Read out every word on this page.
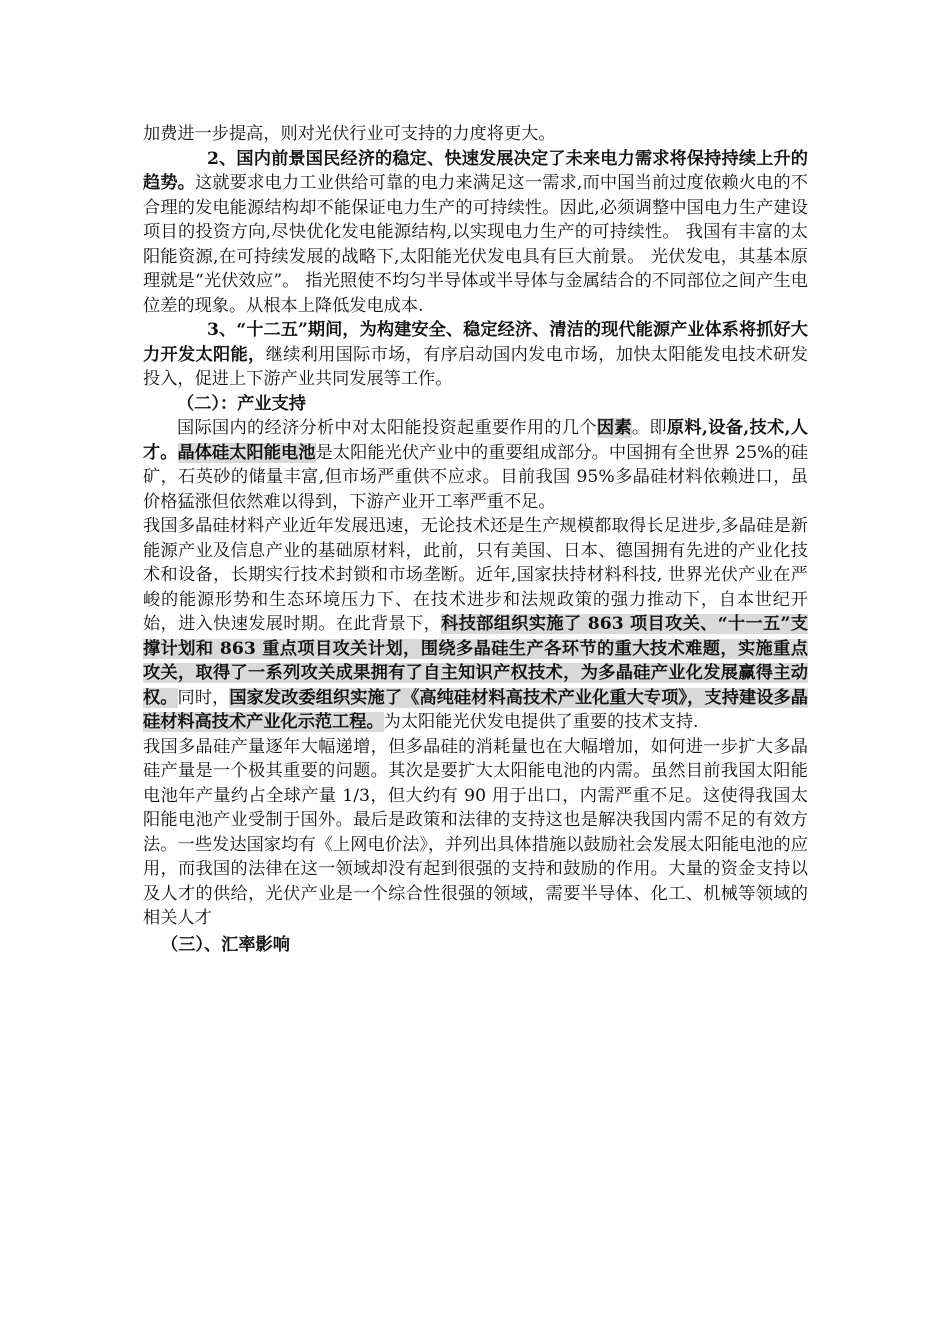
加费进一步提高，则对光伏行业可支持的力度将更大。

2、国内前景国民经济的稳定、快速发展决定了未来电力需求将保持持续上升的趋势。这就要求电力工业供给可靠的电力来满足这一需求,而中国当前过度依赖火电的不合理的发电能源结构却不能保证电力生产的可持续性。因此,必须调整中国电力生产建设项目的投资方向,尽快优化发电能源结构,以实现电力生产的可持续性。 我国有丰富的太阳能资源,在可持续发展的战略下,太阳能光伏发电具有巨大前景。 光伏发电，其基本原理就是“光伏效应”。 指光照使不均匀半导体或半导体与金属结合的不同部位之间产生电位差的现象。从根本上降低发电成本.

3、“十二五”期间，为构建安全、稳定经济、清洁的现代能源产业体系将抓好大力开发太阳能，继续利用国际市场，有序启动国内发电市场，加快太阳能发电技术研发投入，促进上下游产业共同发展等工作。

（二）：产业支持

国际国内的经济分析中对太阳能投资起重要作用的几个因素。即原料,设备,技术,人才。晶体硅太阳能电池是太阳能光伏产业中的重要组成部分。中国拥有全世界 25%的硅矿，石英砂的储量丰富,但市场严重供不应求。目前我国 95%多晶硅材料依赖进口，虽价格猛涨但依然难以得到，下游产业开工率严重不足。

我国多晶硅材料产业近年发展迅速，无论技术还是生产规模都取得长足进步,多晶硅是新能源产业及信息产业的基础原材料，此前，只有美国、日本、德国拥有先进的产业化技术和设备，长期实行技术封锁和市场垄断。近年,国家扶持材料科技, 世界光伏产业在严峻的能源形势和生态环境压力下、在技术进步和法规政策的强力推动下，自本世纪开始，进入快速发展时期。在此背景下，科技部组织实施了 863 项目攻关、“十一五”支撑计划和 863 重点项目攻关计划，围绕多晶硅生产各环节的重大技术难题，实施重点攻关，取得了一系列攻关成果拥有了自主知识产权技术，为多晶硅产业化发展赢得主动权。同时，国家发改委组织实施了《高纯硅材料高技术产业化重大专项》，支持建设多晶硅材料高技术产业化示范工程。为太阳能光伏发电提供了重要的技术支持.

我国多晶硅产量逐年大幅递增，但多晶硅的消耗量也在大幅增加，如何进一步扩大多晶硅产量是一个极其重要的问题。其次是要扩大太阳能电池的内需。虽然目前我国太阳能电池年产量约占全球产量 1/3，但大约有 90 用于出口，内需严重不足。这使得我国太阳能电池产业受制于国外。最后是政策和法律的支持这也是解决我国内需不足的有效方法。一些发达国家均有《上网电价法》，并列出具体措施以鼓励社会发展太阳能电池的应用，而我国的法律在这一领域却没有起到很强的支持和鼓励的作用。大量的资金支持以及人才的供给，光伏产业是一个综合性很强的领域，需要半导体、化工、机械等领域的相关人才

（三）、汇率影响
